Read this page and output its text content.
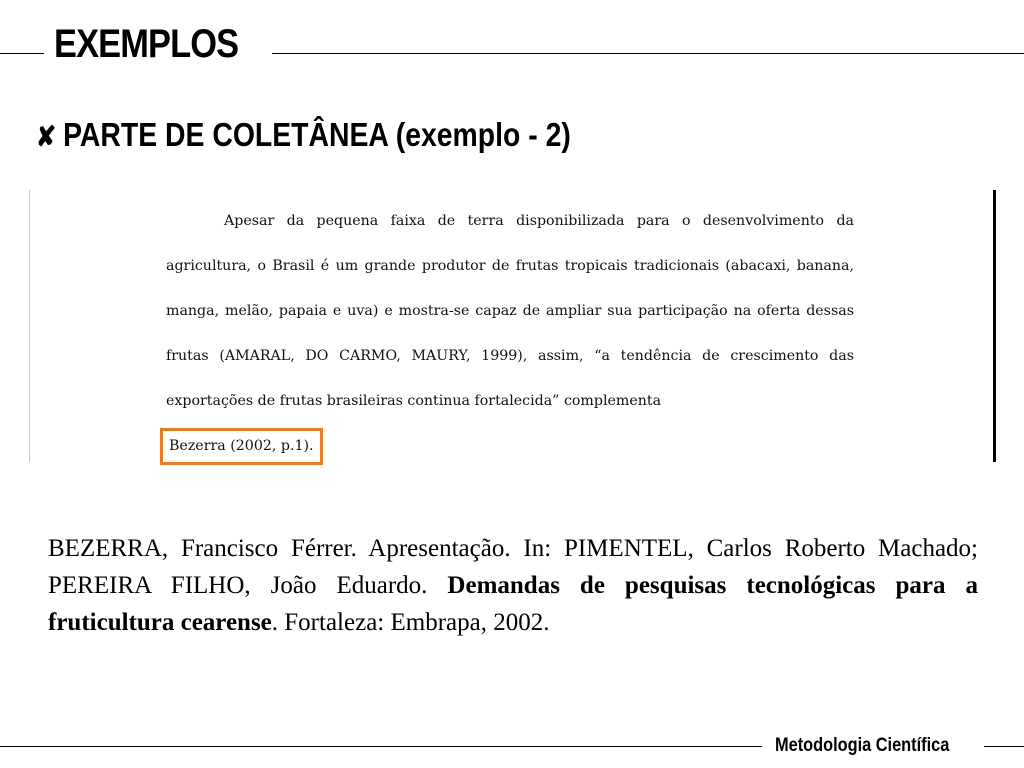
EXEMPLOS
✘ PARTE DE COLETÂNEA (exemplo - 2)
Apesar da pequena faixa de terra disponibilizada para o desenvolvimento da agricultura, o Brasil é um grande produtor de frutas tropicais tradicionais (abacaxi, banana, manga, melão, papaia e uva) e mostra-se capaz de ampliar sua participação na oferta dessas frutas (AMARAL, DO CARMO, MAURY, 1999), assim, “a tendência de crescimento das exportações de frutas brasileiras continua fortalecida” complementa
Bezerra (2002, p.1).
BEZERRA, Francisco Férrer. Apresentação. In: PIMENTEL, Carlos Roberto Machado; PEREIRA FILHO, João Eduardo. Demandas de pesquisas tecnológicas para a fruticultura cearense. Fortaleza: Embrapa, 2002.
Metodologia Científica
